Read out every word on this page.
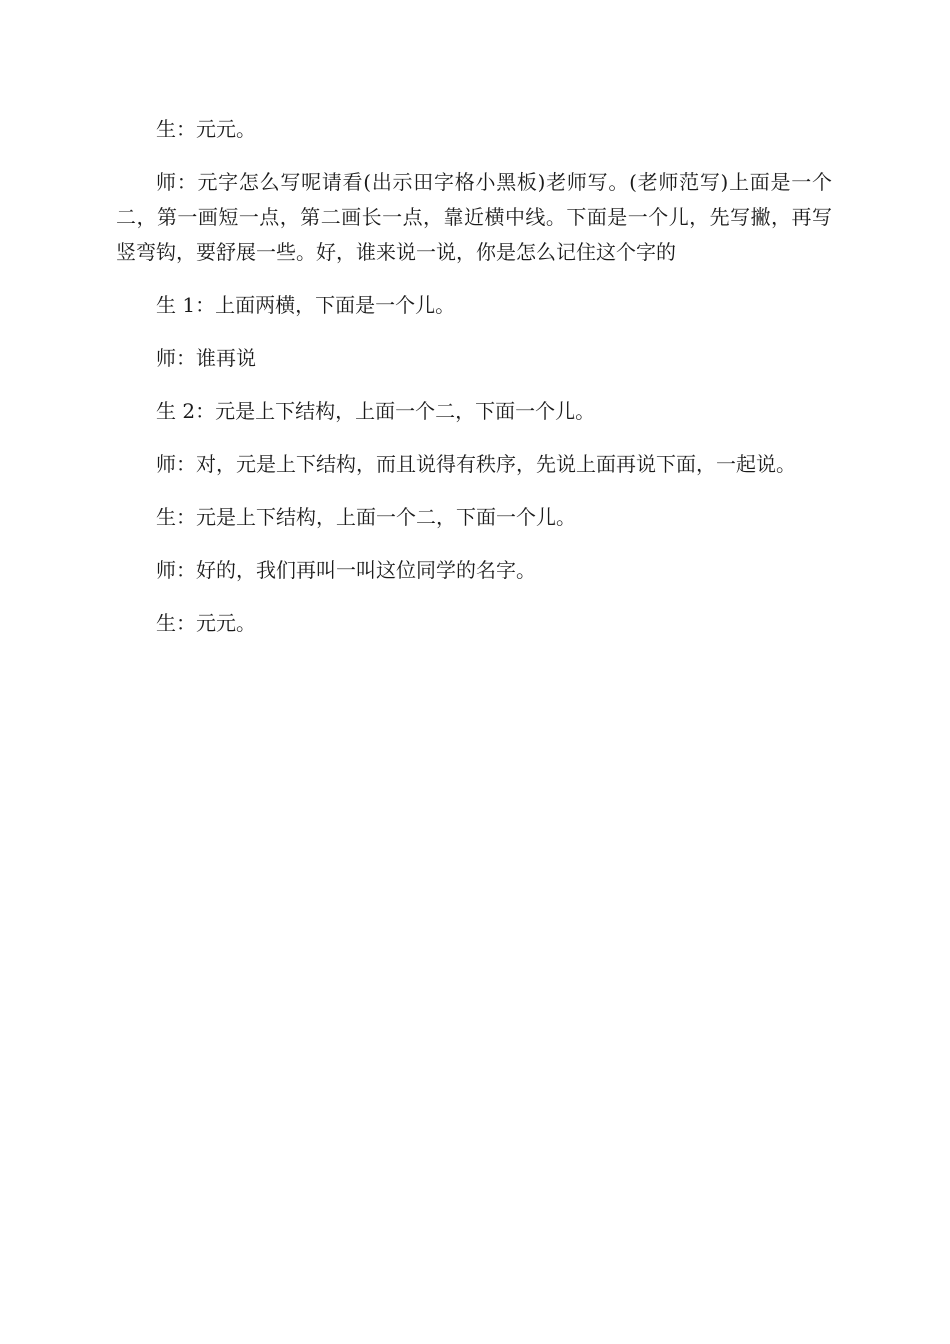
生：元元。

师：元字怎么写呢请看(出示田字格小黑板)老师写。(老师范写)上面是一个二，第一画短一点，第二画长一点，靠近横中线。下面是一个儿，先写撇，再写竖弯钩，要舒展一些。好，谁来说一说，你是怎么记住这个字的

生 1：上面两横，下面是一个儿。

师：谁再说

生 2：元是上下结构，上面一个二，下面一个儿。

师：对，元是上下结构，而且说得有秩序，先说上面再说下面，一起说。

生：元是上下结构，上面一个二，下面一个儿。

师：好的，我们再叫一叫这位同学的名字。

生：元元。
